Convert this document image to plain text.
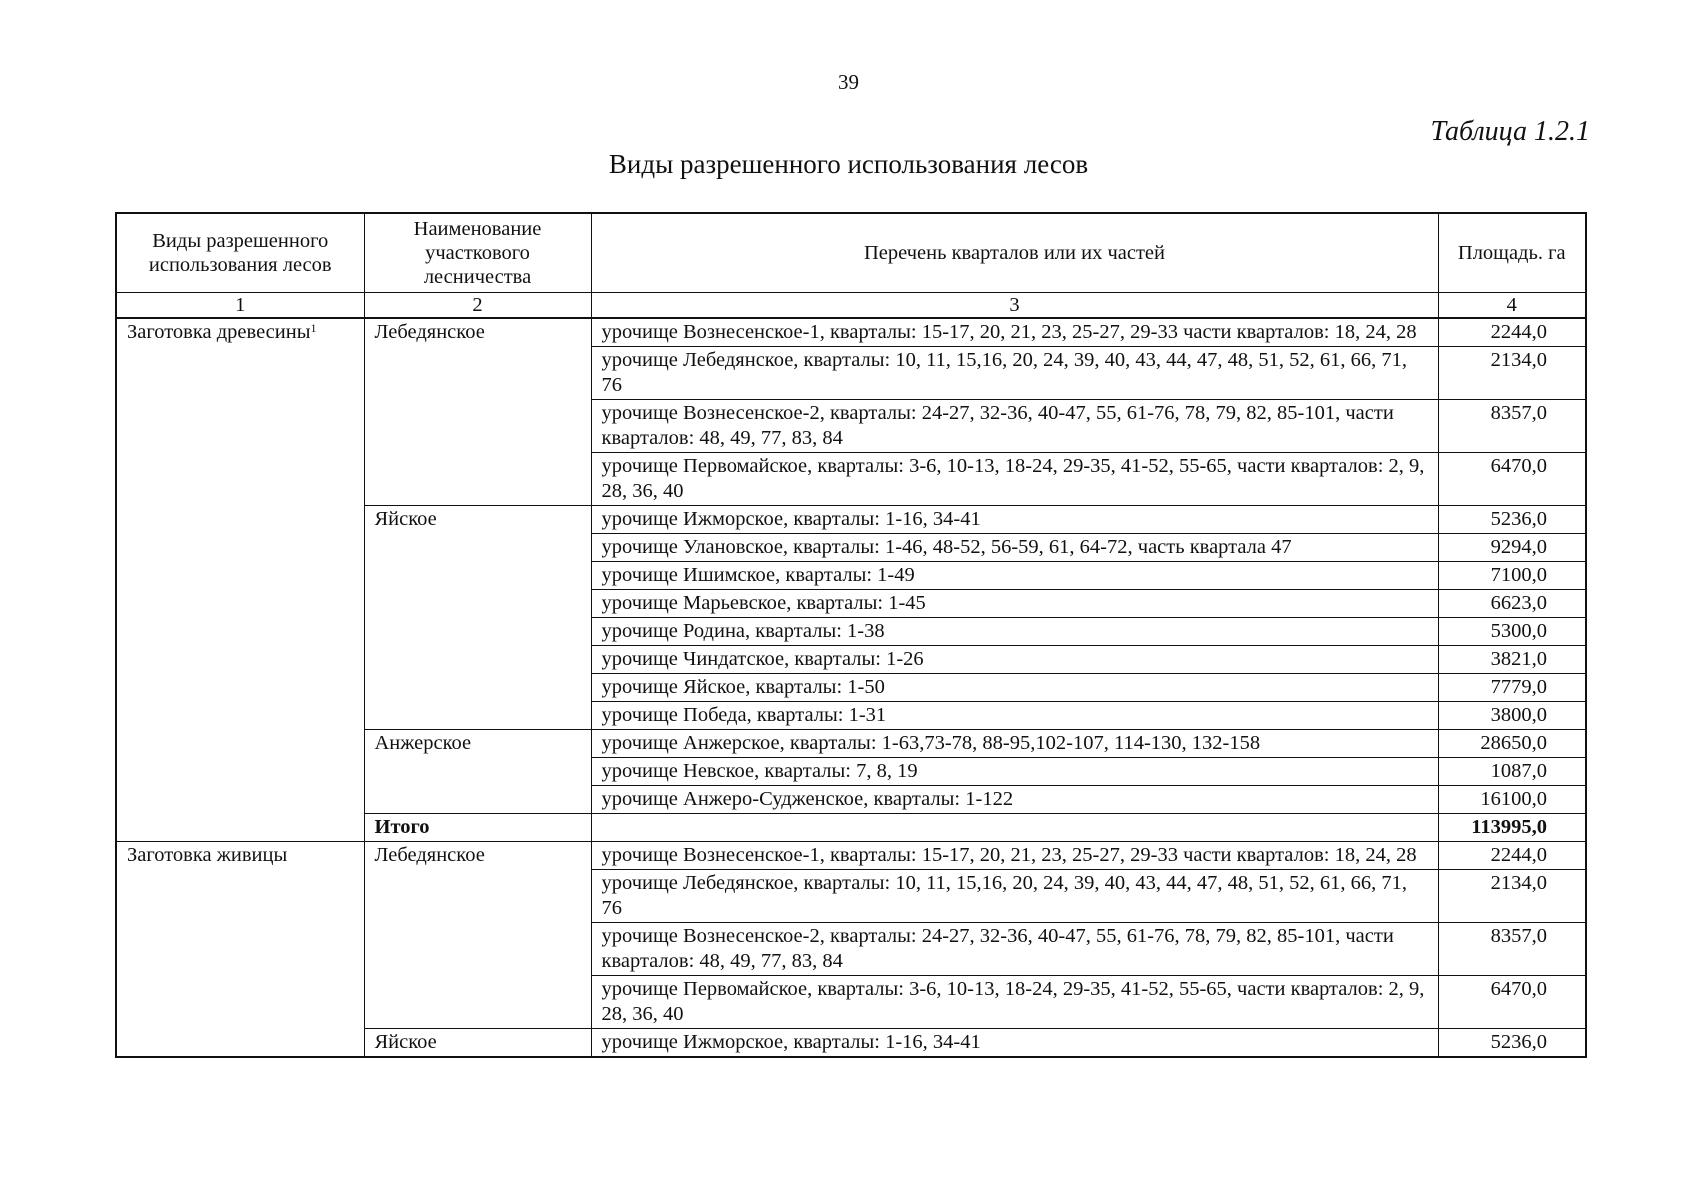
39
Таблица 1.2.1
Виды разрешенного использования лесов
Виды разрешенного использования лесов	Наименование участкового лесничества	Перечень кварталов или их частей	Площадь. га
1	2	3	4
Заготовка древесины$^1$	Лебедянское	урочище Вознесенское-1, кварталы: 15-17, 20, 21, 23, 25-27, 29-33 части кварталов: 18, 24, 28	2244,0
		урочище Лебедянское, кварталы: 10, 11, 15,16, 20, 24, 39, 40, 43, 44, 47, 48, 51, 52, 61, 66, 71, 76	2134,0
		урочище Вознесенское-2, кварталы: 24-27, 32-36, 40-47, 55, 61-76, 78, 79, 82, 85-101, части кварталов: 48, 49, 77, 83, 84	8357,0
		урочище Первомайское, кварталы: 3-6, 10-13, 18-24, 29-35, 41-52, 55-65, части кварталов: 2, 9, 28, 36, 40	6470,0
	Яйское	урочище Ижморское, кварталы: 1-16, 34-41	5236,0
		урочище Улановское, кварталы: 1-46, 48-52, 56-59, 61, 64-72, часть квартала 47	9294,0
		урочище Ишимское, кварталы: 1-49	7100,0
		урочище Марьевское, кварталы: 1-45	6623,0
		урочище Родина, кварталы: 1-38	5300,0
		урочище Чиндатское, кварталы: 1-26	3821,0
		урочище Яйское, кварталы: 1-50	7779,0
		урочище Победа, кварталы: 1-31	3800,0
	Анжерское	урочище Анжерское, кварталы: 1-63,73-78, 88-95,102-107, 114-130, 132-158	28650,0
		урочище Невское, кварталы: 7, 8, 19	1087,0
		урочище Анжеро-Судженское, кварталы: 1-122	16100,0
	Итого		113995,0
Заготовка живицы	Лебедянское	урочище Вознесенское-1, кварталы: 15-17, 20, 21, 23, 25-27, 29-33 части кварталов: 18, 24, 28	2244,0
		урочище Лебедянское, кварталы: 10, 11, 15,16, 20, 24, 39, 40, 43, 44, 47, 48, 51, 52, 61, 66, 71, 76	2134,0
		урочище Вознесенское-2, кварталы: 24-27, 32-36, 40-47, 55, 61-76, 78, 79, 82, 85-101, части кварталов: 48, 49, 77, 83, 84	8357,0
		урочище Первомайское, кварталы: 3-6, 10-13, 18-24, 29-35, 41-52, 55-65, части кварталов: 2, 9, 28, 36, 40	6470,0
	Яйское	урочище Ижморское, кварталы: 1-16, 34-41	5236,0
